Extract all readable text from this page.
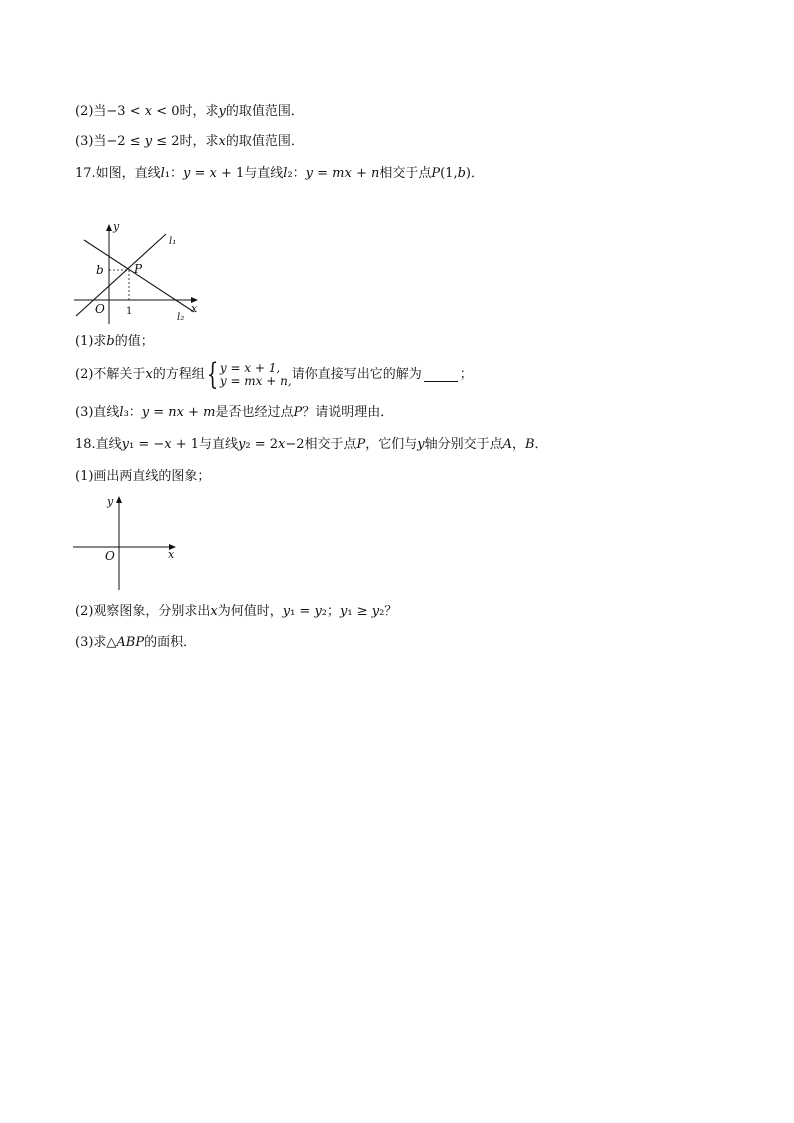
(2)当−3 < 𝑥 < 0时，求𝑦的取值范围．
(3)当−2 ≤ 𝑦 ≤ 2时，求𝑥的取值范围．
17.如图，直线𝑙₁：𝑦 = 𝑥 + 1与直线𝑙₂：𝑦 = 𝑚𝑥 + 𝑛相交于点𝑃(1,𝑏)．
y
x
O
b	P
1
l₁
l₂
(1)求𝑏的值；
(2)不解关于𝑥的方程组 { 𝑦 = 𝑥 + 1,
𝑦 = 𝑚𝑥 + 𝑛, 请你直接写出它的解为	；
(3)直线𝑙₃：𝑦 = 𝑛𝑥 + 𝑚是否也经过点𝑃？请说明理由．
18.直线𝑦₁ = −𝑥 + 1与直线𝑦₂ = 2𝑥−2相交于点𝑃，它们与𝑦轴分别交于点𝐴，𝐵．
(1)画出两直线的图象；
y
x
O
(2)观察图象，分别求出𝑥为何值时，𝑦₁ = 𝑦₂；𝑦₁ ≥ 𝑦₂？
(3)求△𝐴𝐵𝑃的面积．
